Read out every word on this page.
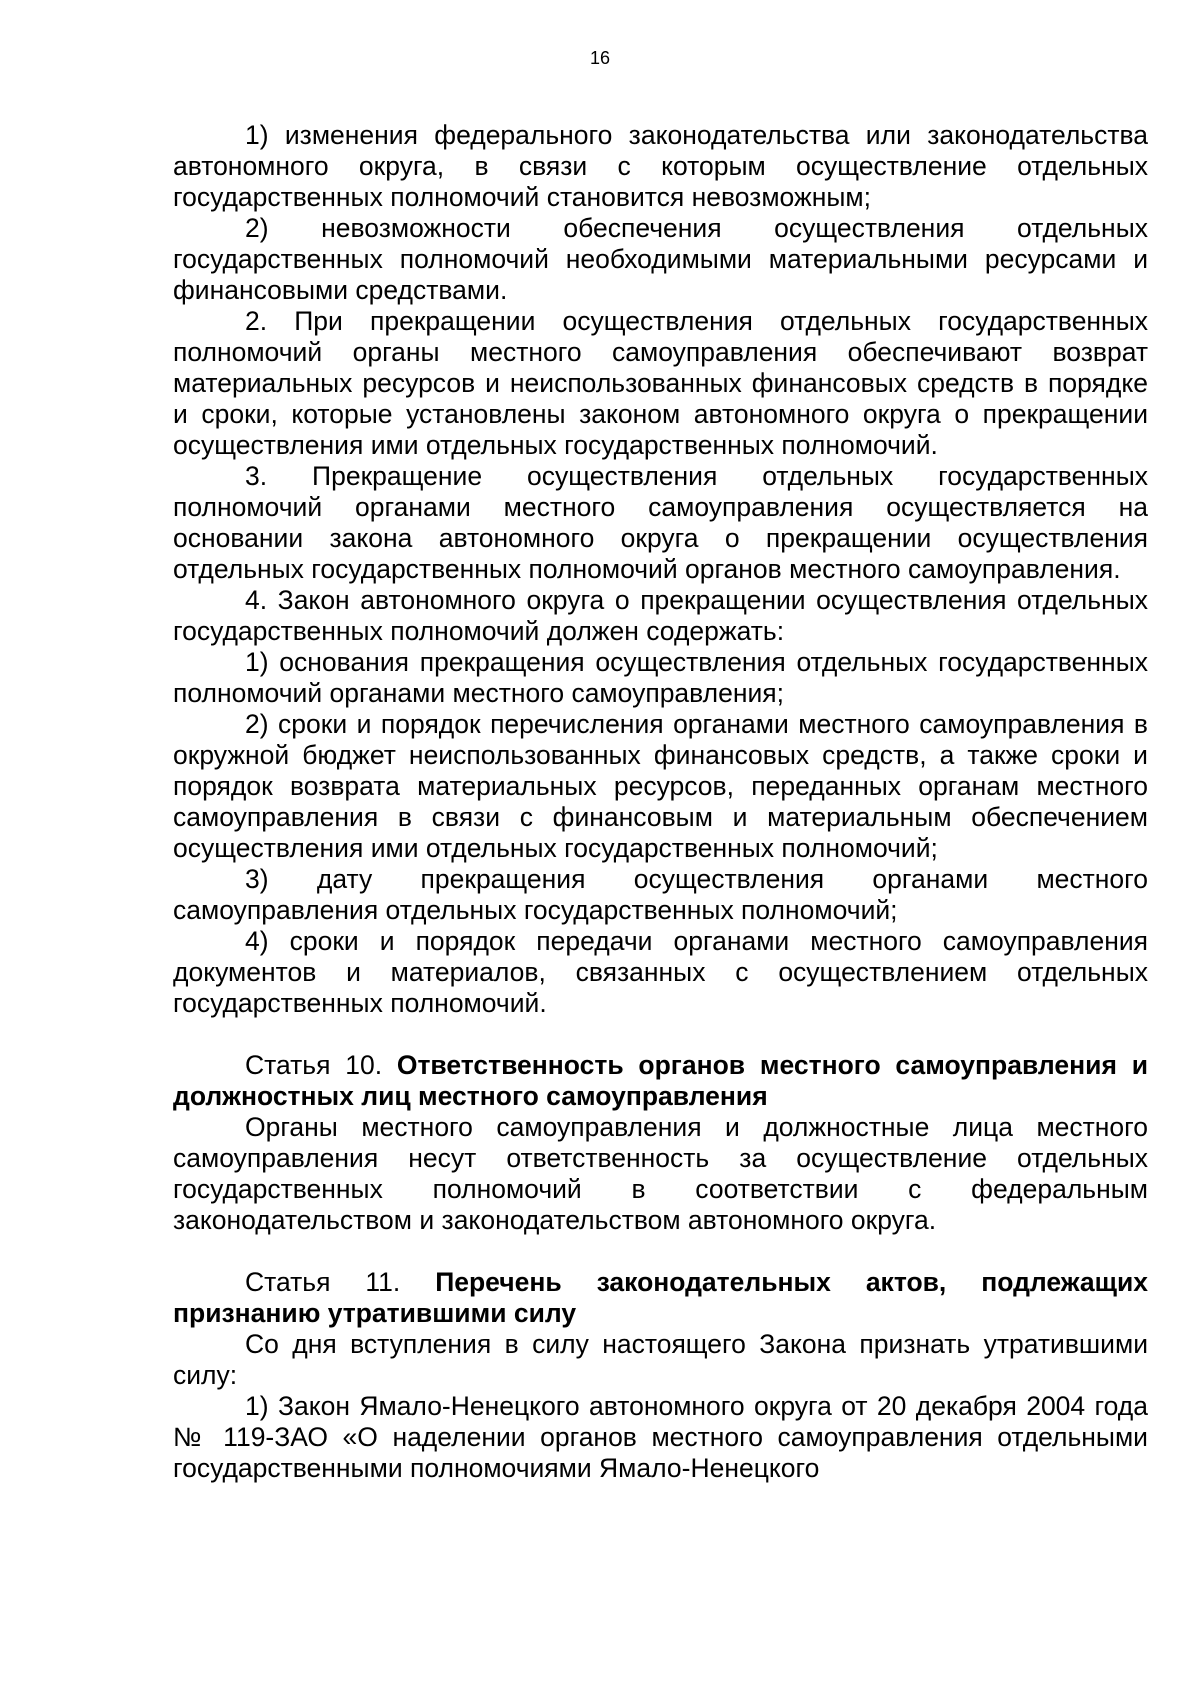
16

1) изменения федерального законодательства или законодательства автономного округа, в связи с которым осуществление отдельных государственных полномочий становится невозможным;

2) невозможности обеспечения осуществления отдельных государственных полномочий необходимыми материальными ресурсами и финансовыми средствами.

2. При прекращении осуществления отдельных государственных полномочий органы местного самоуправления обеспечивают возврат материальных ресурсов и неиспользованных финансовых средств в порядке и сроки, которые установлены законом автономного округа о прекращении осуществления ими отдельных государственных полномочий.

3. Прекращение осуществления отдельных государственных полномочий органами местного самоуправления осуществляется на основании закона автономного округа о прекращении осуществления отдельных государственных полномочий органов местного самоуправления.

4. Закон автономного округа о прекращении осуществления отдельных государственных полномочий должен содержать:

1) основания прекращения осуществления отдельных государственных полномочий органами местного самоуправления;

2) сроки и порядок перечисления органами местного самоуправления в окружной бюджет неиспользованных финансовых средств, а также сроки и порядок возврата материальных ресурсов, переданных органам местного самоуправления в связи с финансовым и материальным обеспечением осуществления ими отдельных государственных полномочий;

3) дату прекращения осуществления органами местного самоуправления отдельных государственных полномочий;

4) сроки и порядок передачи органами местного самоуправления документов и материалов, связанных с осуществлением отдельных государственных полномочий.

Статья 10. Ответственность органов местного самоуправления и должностных лиц местного самоуправления

Органы местного самоуправления и должностные лица местного самоуправления несут ответственность за осуществление отдельных государственных полномочий в соответствии с федеральным законодательством и законодательством автономного округа.

Статья 11. Перечень законодательных актов, подлежащих признанию утратившими силу

Со дня вступления в силу настоящего Закона признать утратившими силу:

1) Закон Ямало-Ненецкого автономного округа от 20 декабря 2004 года № 119-ЗАО «О наделении органов местного самоуправления отдельными государственными полномочиями Ямало-Ненецкого
